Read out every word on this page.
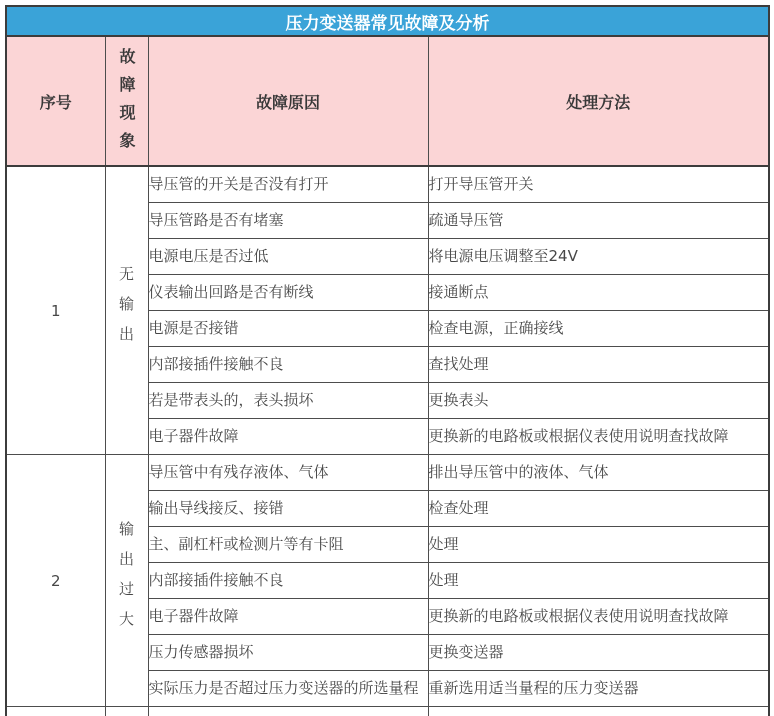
压力变送器常见故障及分析			
序号	故障现象	故障原因	处理方法
1	无输出	导压管的开关是否没有打开	打开导压管开关
		导压管路是否有堵塞	疏通导压管
		电源电压是否过低	将电源电压调整至24V
		仪表输出回路是否有断线	接通断点
		电源是否接错	检查电源，正确接线
		内部接插件接触不良	查找处理
		若是带表头的，表头损坏	更换表头
		电子器件故障	更换新的电路板或根据仪表使用说明查找故障
2	输出过大	导压管中有残存液体、气体	排出导压管中的液体、气体
		输出导线接反、接错	检查处理
		主、副杠杆或检测片等有卡阻	处理
		内部接插件接触不良	处理
		电子器件故障	更换新的电路板或根据仪表使用说明查找故障
		压力传感器损坏	更换变送器
		实际压力是否超过压力变送器的所选量程	重新选用适当量程的压力变送器
